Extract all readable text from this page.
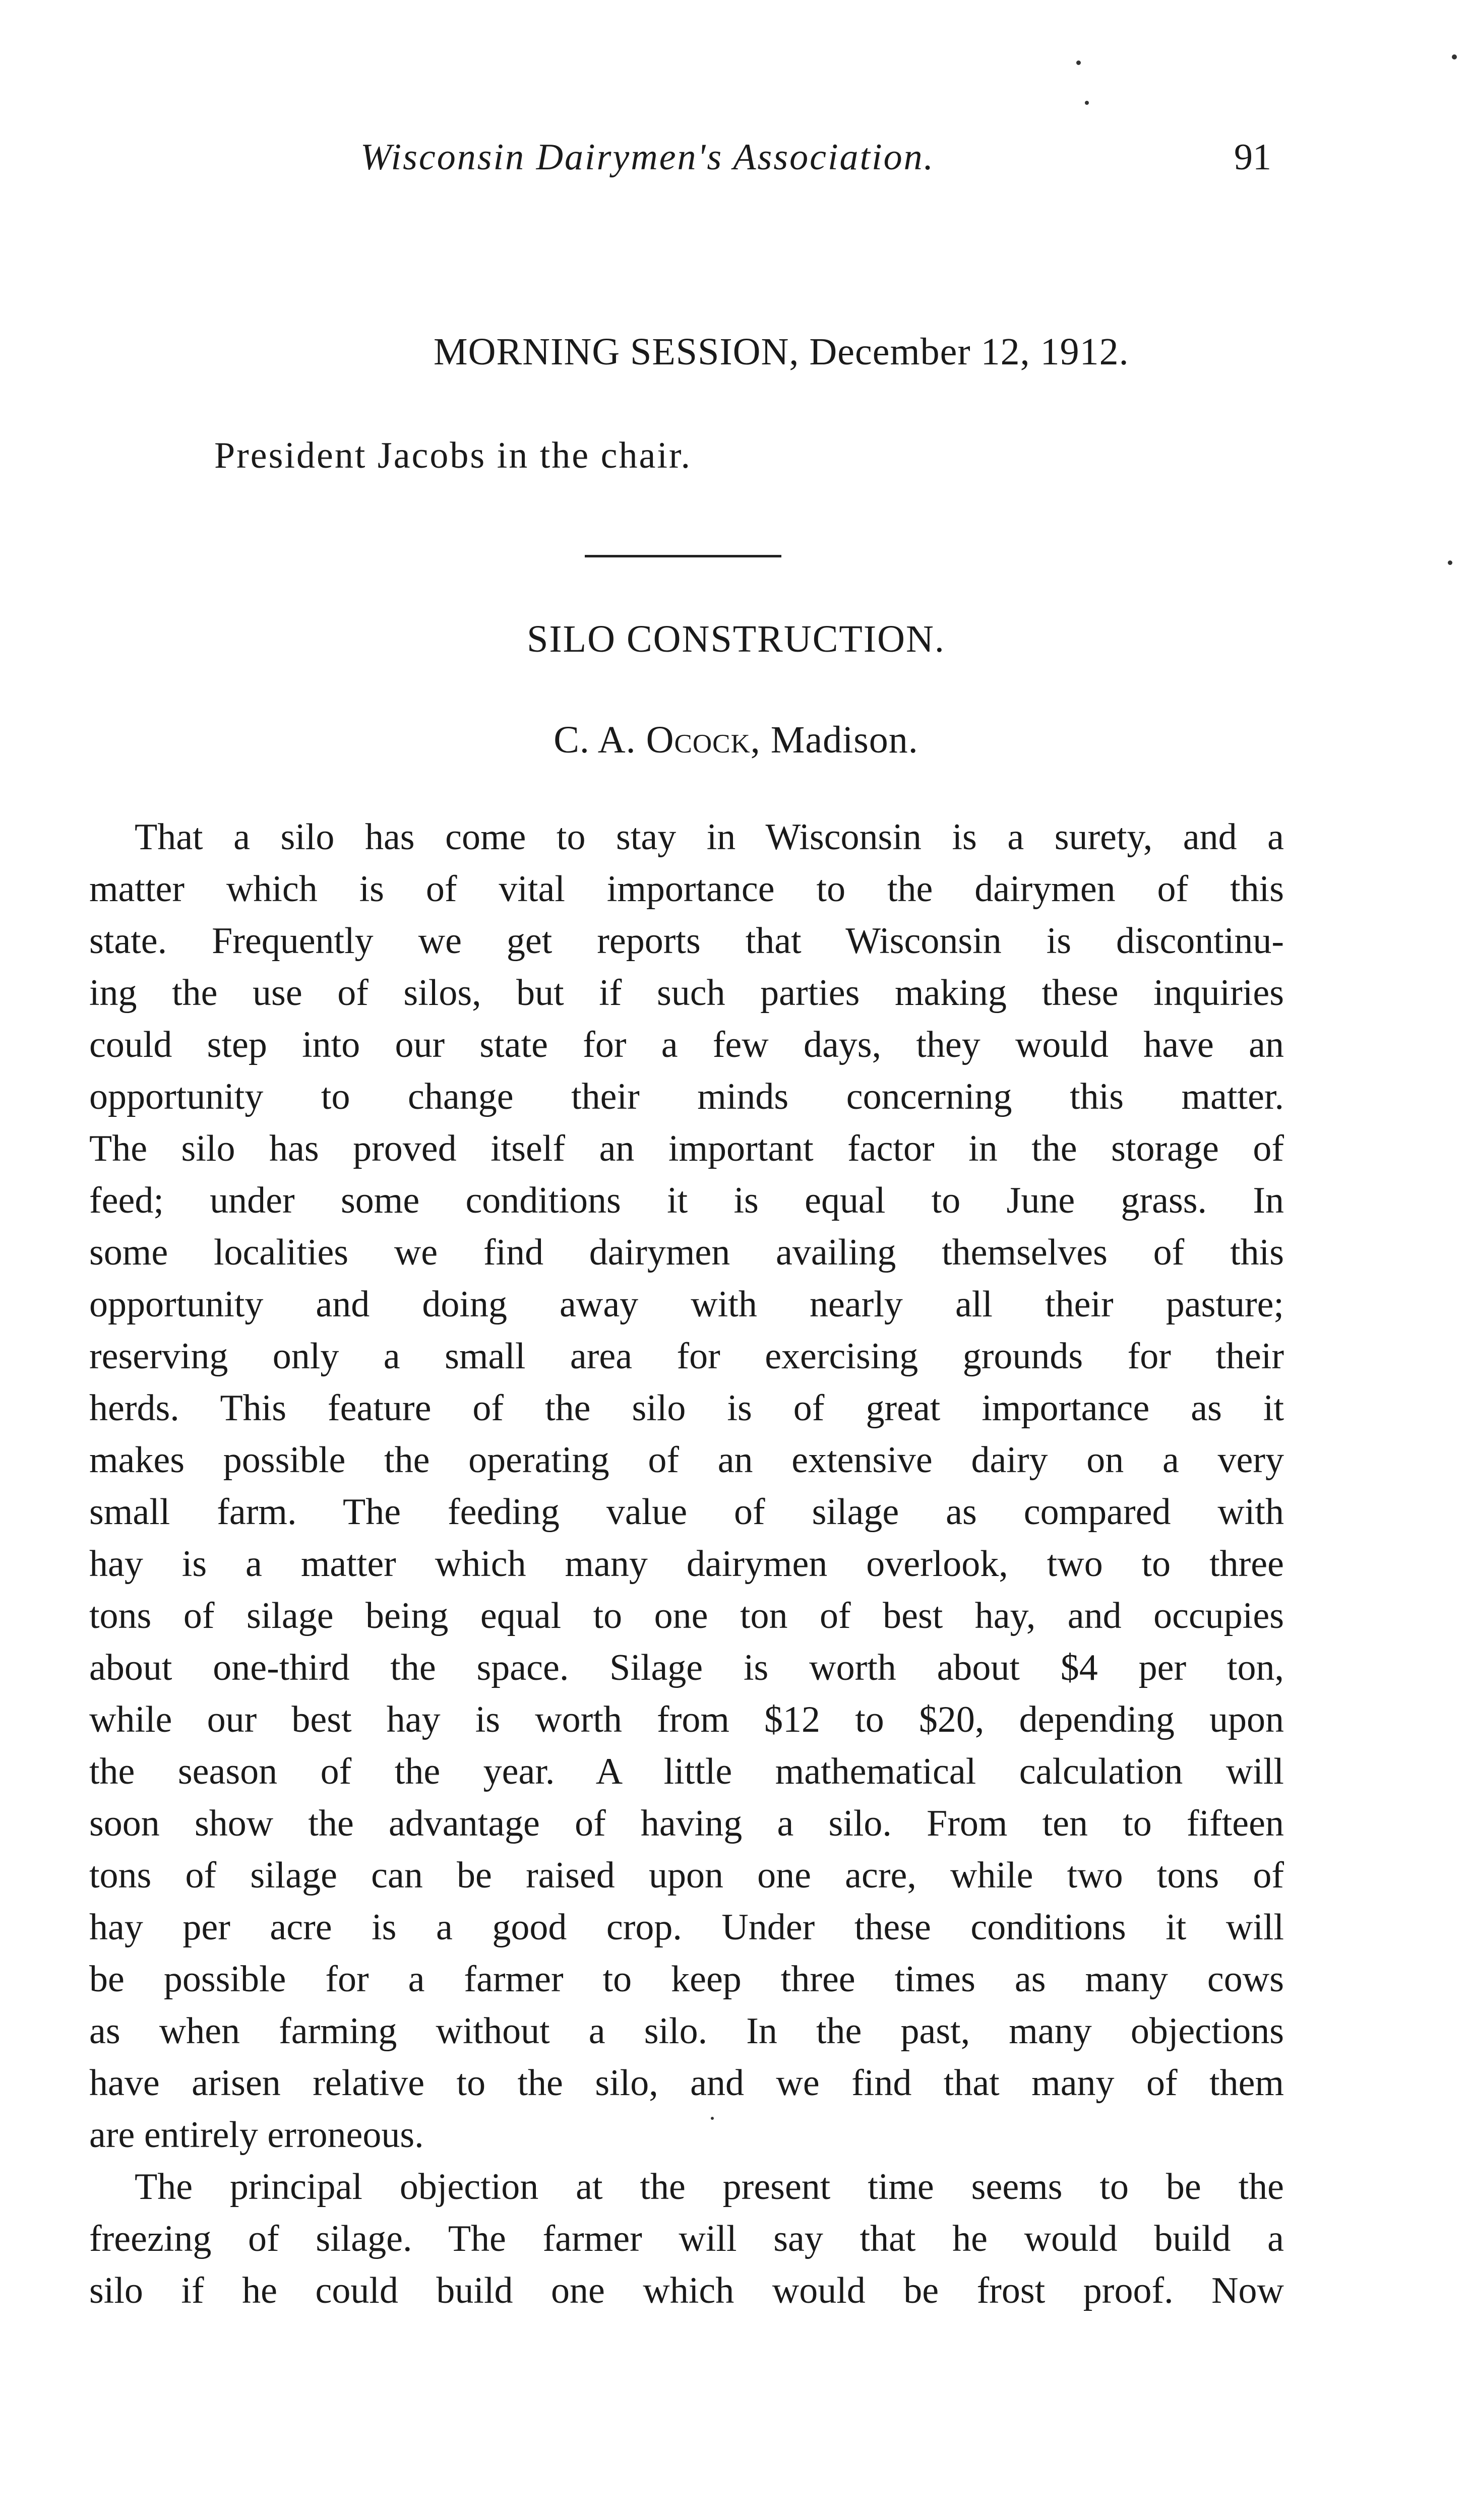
Wisconsin Dairymen's Association.	91
MORNING SESSION, December 12, 1912.
President Jacobs in the chair.
SILO CONSTRUCTION.
C. A. Ocock, Madison.
That a silo has come to stay in Wisconsin is a surety, and a
matter which is of vital importance to the dairymen of this
state. Frequently we get reports that Wisconsin is discontinu-
ing the use of silos, but if such parties making these inquiries
could step into our state for a few days, they would have an
opportunity to change their minds concerning this matter.
The silo has proved itself an important factor in the storage of
feed; under some conditions it is equal to June grass. In
some localities we find dairymen availing themselves of this
opportunity and doing away with nearly all their pasture;
reserving only a small area for exercising grounds for their
herds. This feature of the silo is of great importance as it
makes possible the operating of an extensive dairy on a very
small farm. The feeding value of silage as compared with
hay is a matter which many dairymen overlook, two to three
tons of silage being equal to one ton of best hay, and occupies
about one-third the space. Silage is worth about $4 per ton,
while our best hay is worth from $12 to $20, depending upon
the season of the year. A little mathematical calculation will
soon show the advantage of having a silo. From ten to fifteen
tons of silage can be raised upon one acre, while two tons of
hay per acre is a good crop. Under these conditions it will
be possible for a farmer to keep three times as many cows
as when farming without a silo. In the past, many objections
have arisen relative to the silo, and we find that many of them
are entirely erroneous.
The principal objection at the present time seems to be the
freezing of silage. The farmer will say that he would build a
silo if he could build one which would be frost proof. Now
